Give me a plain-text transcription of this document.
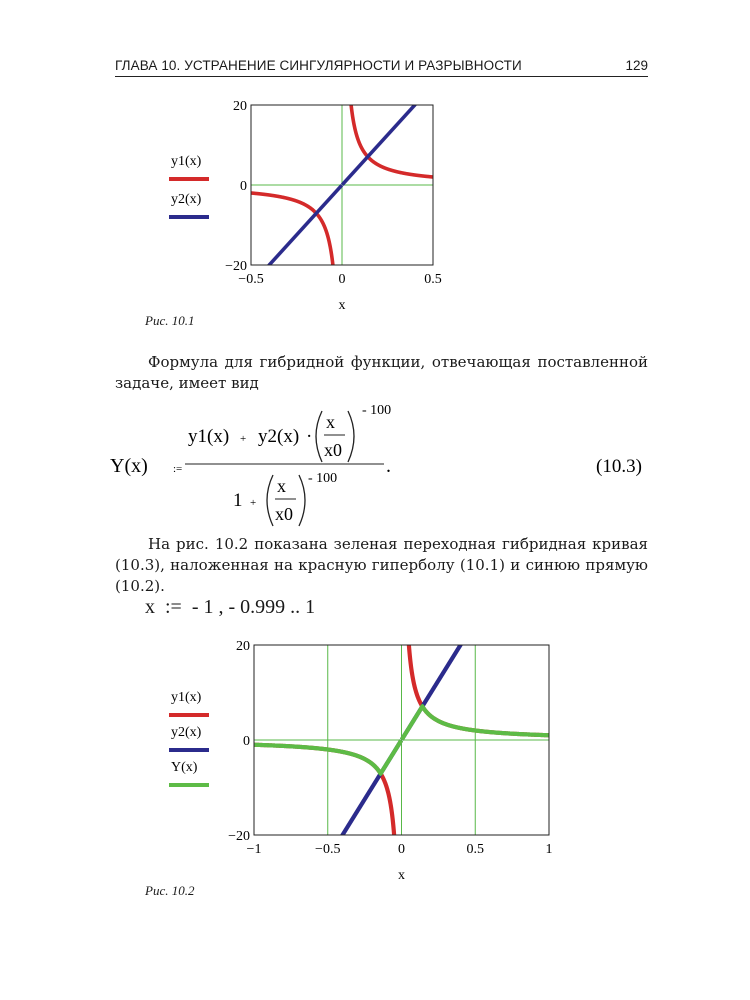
ГЛАВА 10. УСТРАНЕНИЕ СИНГУЛЯРНОСТИ И РАЗРЫВНОСТИ	129
y1(x)
y2(x)
−0.5	0	0.5
20
0
−20
x
Рис. 10.1
Формула для гибридной функции, отвечающая поставленной задаче, имеет вид
Y(x) :=
y1(x) + y2(x) ·
x
x0
- 100
1 +
x
x0
- 100
.	(10.3)
На рис. 10.2 показана зеленая переходная гибридная кривая (10.3), наложенная на красную гиперболу (10.1) и синюю прямую (10.2).
x  :=  - 1 , - 0.999 .. 1
y1(x)
y2(x)
Y(x)
−1	−0.5	0	0.5	1
20
0
−20
x
Рис. 10.2
